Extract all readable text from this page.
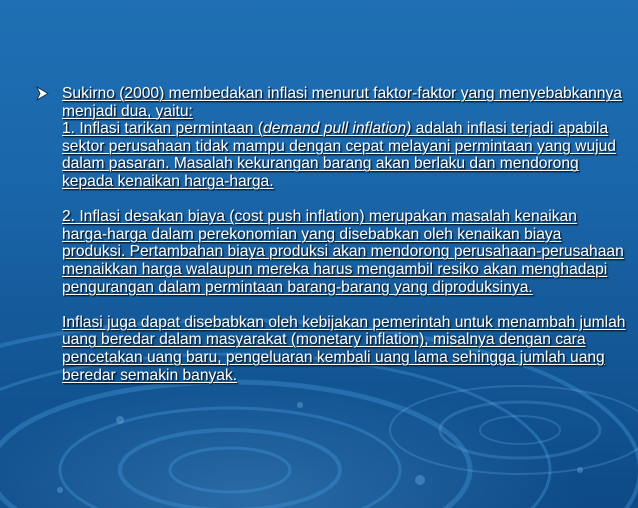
Sukirno (2000) membedakan inflasi menurut faktor-faktor yang menyebabkannya menjadi dua, yaitu:

1. Inflasi tarikan permintaan (demand pull inflation) adalah inflasi terjadi apabila sektor perusahaan tidak mampu dengan cepat melayani permintaan yang wujud dalam pasaran. Masalah kekurangan barang akan berlaku dan mendorong kepada kenaikan harga-harga.

2. Inflasi desakan biaya (cost push inflation) merupakan masalah kenaikan harga-harga dalam perekonomian yang disebabkan oleh kenaikan biaya produksi. Pertambahan biaya produksi akan mendorong perusahaan-perusahaan menaikkan harga walaupun mereka harus mengambil resiko akan menghadapi pengurangan dalam permintaan barang-barang yang diproduksinya.

Inflasi juga dapat disebabkan oleh kebijakan pemerintah untuk menambah jumlah uang beredar dalam masyarakat (monetary inflation), misalnya dengan cara pencetakan uang baru, pengeluaran kembali uang lama sehingga jumlah uang beredar semakin banyak.
